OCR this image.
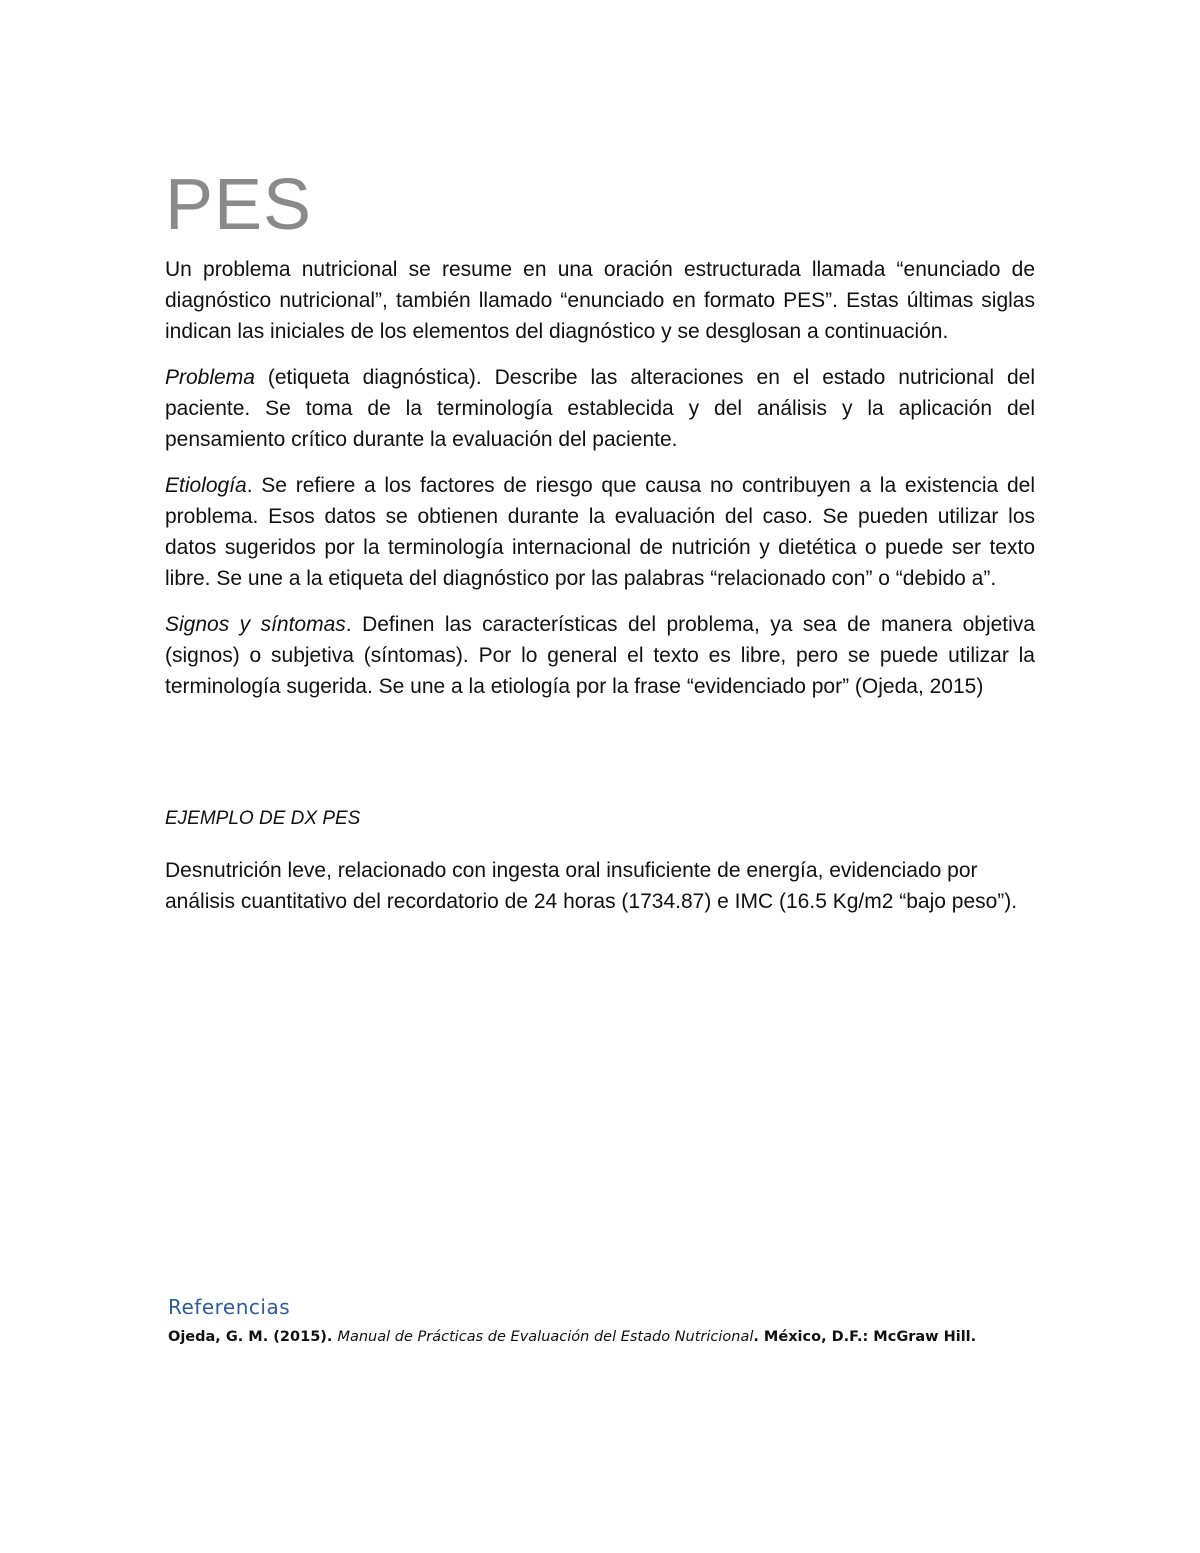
PES

Un problema nutricional se resume en una oración estructurada llamada “enunciado de diagnóstico nutricional”, también llamado “enunciado en formato PES”. Estas últimas siglas indican las iniciales de los elementos del diagnóstico y se desglosan a continuación.

Problema (etiqueta diagnóstica). Describe las alteraciones en el estado nutricional del paciente. Se toma de la terminología establecida y del análisis y la aplicación del pensamiento crítico durante la evaluación del paciente.

Etiología. Se refiere a los factores de riesgo que causa no contribuyen a la existencia del problema. Esos datos se obtienen durante la evaluación del caso. Se pueden utilizar los datos sugeridos por la terminología internacional de nutrición y dietética o puede ser texto libre. Se une a la etiqueta del diagnóstico por las palabras “relacionado con” o “debido a”.

Signos y síntomas. Definen las características del problema, ya sea de manera objetiva (signos) o subjetiva (síntomas). Por lo general el texto es libre, pero se puede utilizar la terminología sugerida. Se une a la etiología por la frase “evidenciado por” (Ojeda, 2015)

EJEMPLO DE DX PES

Desnutrición leve, relacionado con ingesta oral insuficiente de energía, evidenciado por análisis cuantitativo del recordatorio de 24 horas (1734.87) e IMC (16.5 Kg/m2 “bajo peso”).

Referencias

Ojeda, G. M. (2015). Manual de Prácticas de Evaluación del Estado Nutricional. México, D.F.: McGraw Hill.
